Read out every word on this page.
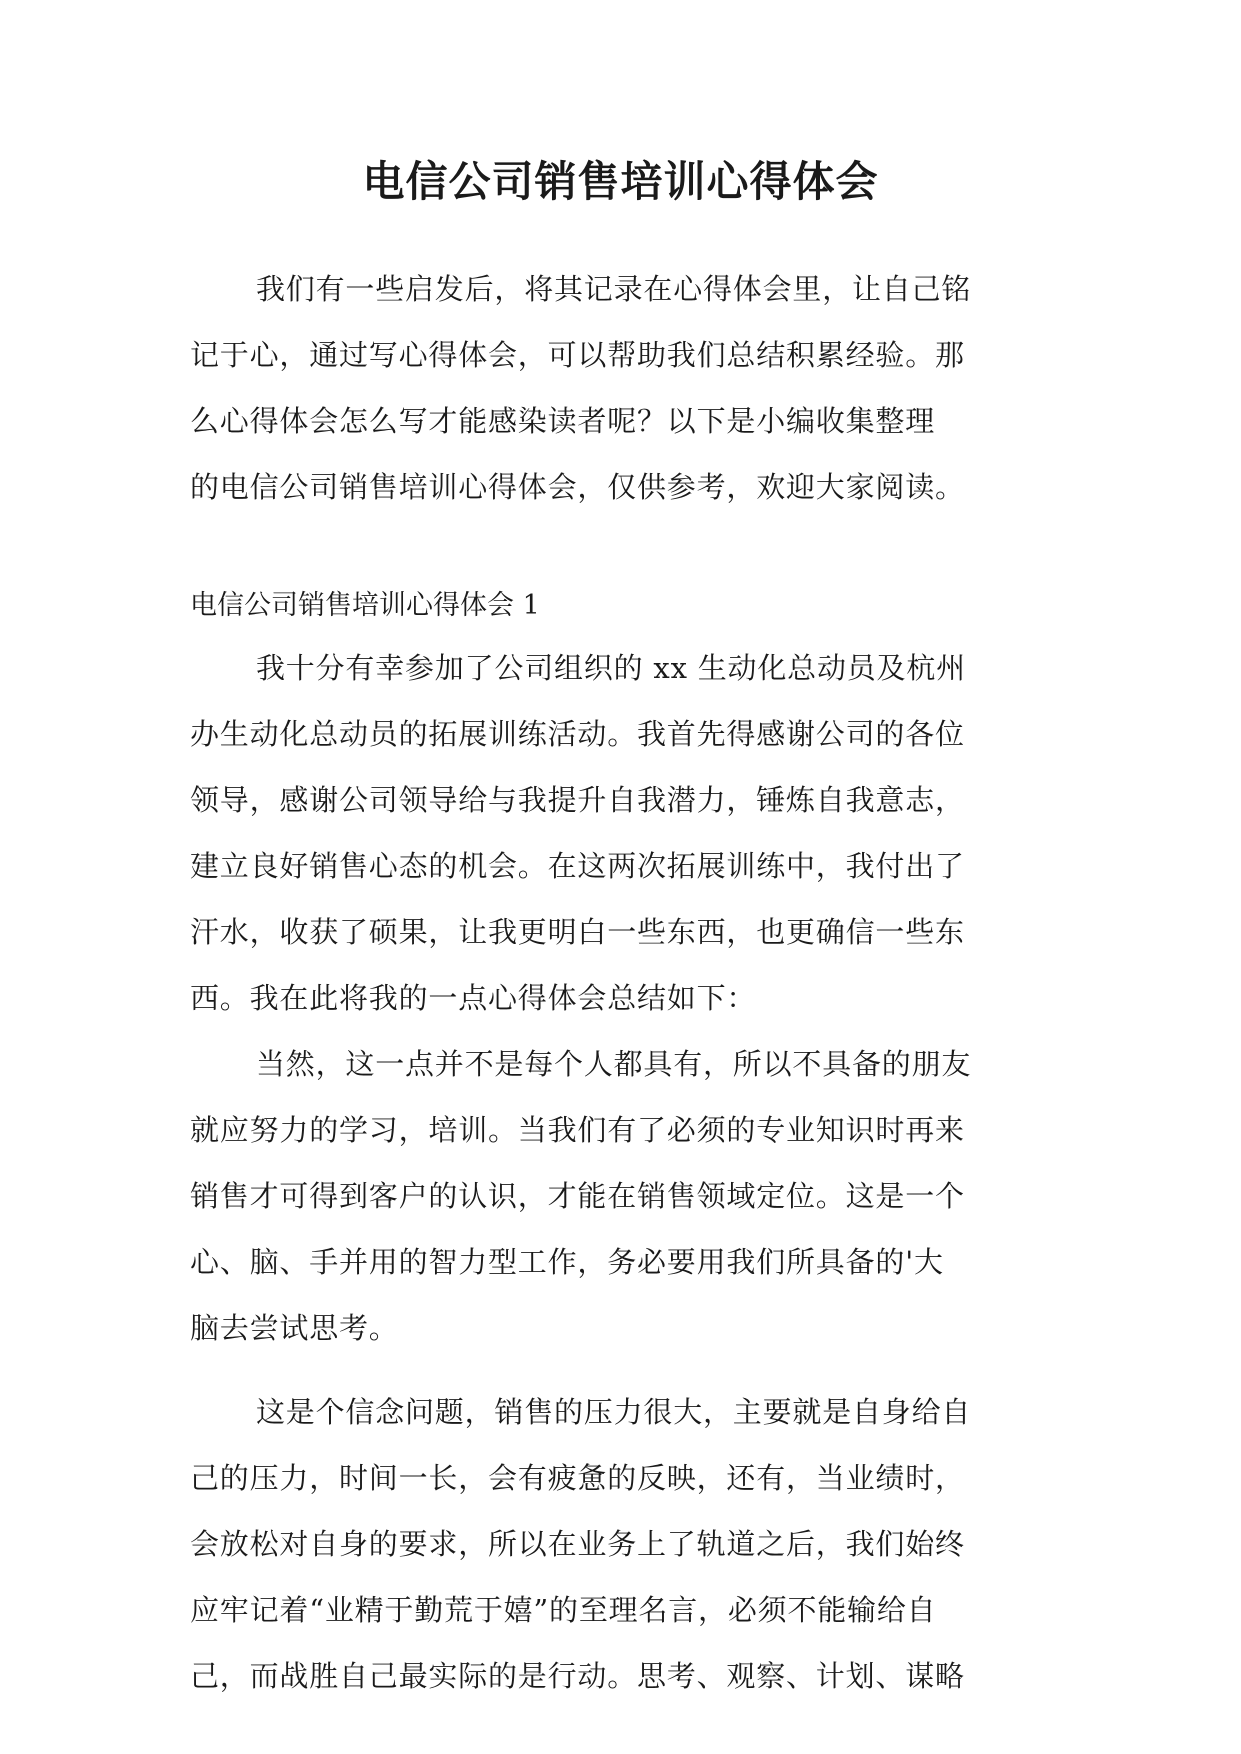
电信公司销售培训心得体会
我们有一些启发后，将其记录在心得体会里，让自己铭
记于心，通过写心得体会，可以帮助我们总结积累经验。那
么心得体会怎么写才能感染读者呢？以下是小编收集整理
的电信公司销售培训心得体会，仅供参考，欢迎大家阅读。
电信公司销售培训心得体会 1
我十分有幸参加了公司组织的 xx 生动化总动员及杭州
办生动化总动员的拓展训练活动。我首先得感谢公司的各位
领导，感谢公司领导给与我提升自我潜力，锤炼自我意志，
建立良好销售心态的机会。在这两次拓展训练中，我付出了
汗水，收获了硕果，让我更明白一些东西，也更确信一些东
西。我在此将我的一点心得体会总结如下：
当然，这一点并不是每个人都具有，所以不具备的朋友
就应努力的学习，培训。当我们有了必须的专业知识时再来
销售才可得到客户的认识，才能在销售领域定位。这是一个
心、脑、手并用的智力型工作，务必要用我们所具备的'大
脑去尝试思考。
这是个信念问题，销售的压力很大，主要就是自身给自
己的压力，时间一长，会有疲惫的反映，还有，当业绩时，
会放松对自身的要求，所以在业务上了轨道之后，我们始终
应牢记着“业精于勤荒于嬉”的至理名言，必须不能输给自
己，而战胜自己最实际的是行动。思考、观察、计划、谋略
